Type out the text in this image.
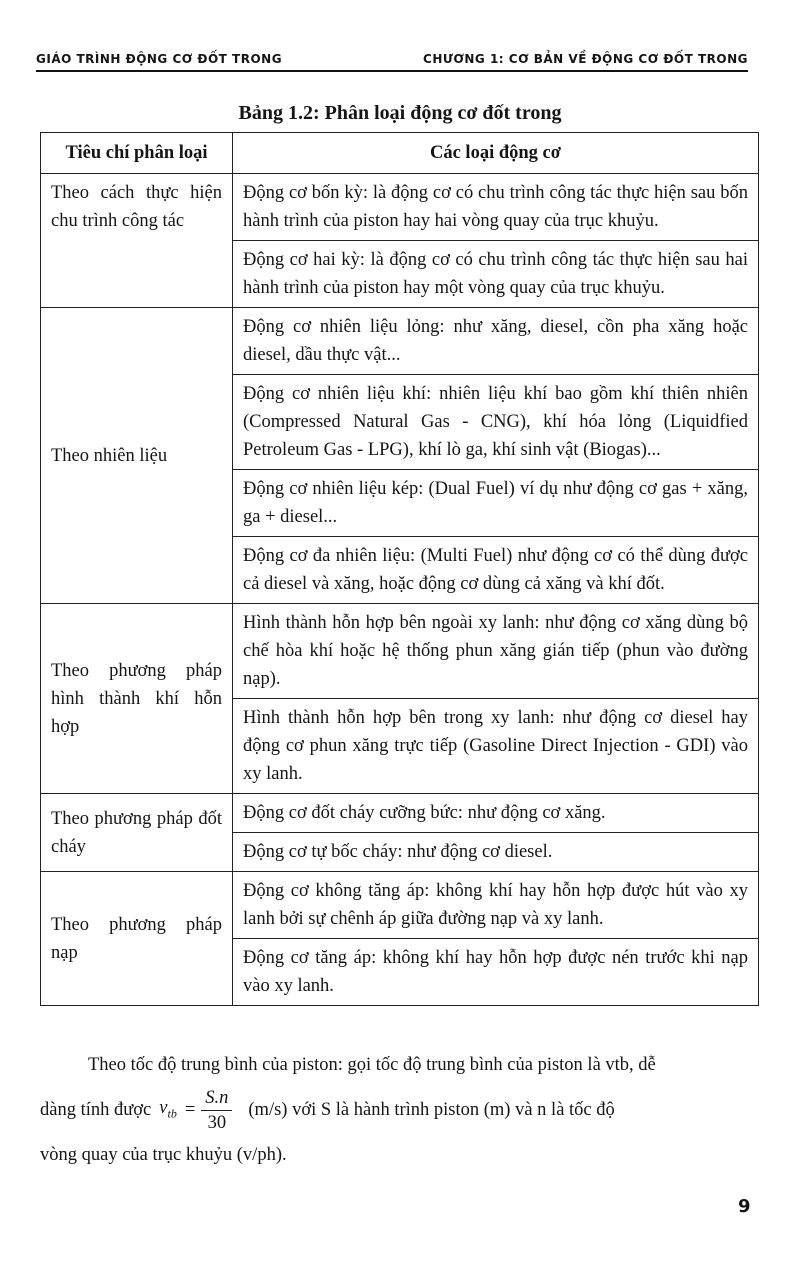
GIÁO TRÌNH ĐỘNG CƠ ĐỐT TRONG	CHƯƠNG 1: CƠ BẢN VỀ ĐỘNG CƠ ĐỐT TRONG
Bảng 1.2: Phân loại động cơ đốt trong
Tiêu chí phân loại	Các loại động cơ
Theo cách thực hiện chu trình công tác	Động cơ bốn kỳ: là động cơ có chu trình công tác thực hiện sau bốn hành trình của piston hay hai vòng quay của trục khuỷu.
	Động cơ hai kỳ: là động cơ có chu trình công tác thực hiện sau hai hành trình của piston hay một vòng quay của trục khuỷu.
Theo nhiên liệu	Động cơ nhiên liệu lỏng: như xăng, diesel, cồn pha xăng hoặc diesel, dầu thực vật...
	Động cơ nhiên liệu khí: nhiên liệu khí bao gồm khí thiên nhiên (Compressed Natural Gas - CNG), khí hóa lỏng (Liquidfied Petroleum Gas - LPG), khí lò ga, khí sinh vật (Biogas)...
	Động cơ nhiên liệu kép: (Dual Fuel) ví dụ như động cơ gas + xăng, ga + diesel...
	Động cơ đa nhiên liệu: (Multi Fuel) như động cơ có thể dùng được cả diesel và xăng, hoặc động cơ dùng cả xăng và khí đốt.
Theo phương pháp hình thành khí hỗn hợp	Hình thành hỗn hợp bên ngoài xy lanh: như động cơ xăng dùng bộ chế hòa khí hoặc hệ thống phun xăng gián tiếp (phun vào đường nạp).
	Hình thành hỗn hợp bên trong xy lanh: như động cơ diesel hay động cơ phun xăng trực tiếp (Gasoline Direct Injection - GDI) vào xy lanh.
Theo phương pháp đốt cháy	Động cơ đốt cháy cưỡng bức: như động cơ xăng.
	Động cơ tự bốc cháy: như động cơ diesel.
Theo phương pháp nạp	Động cơ không tăng áp: không khí hay hỗn hợp được hút vào xy lanh bởi sự chênh áp giữa đường nạp và xy lanh.
	Động cơ tăng áp: không khí hay hỗn hợp được nén trước khi nạp vào xy lanh.
Theo tốc độ trung bình của piston: gọi tốc độ trung bình của piston là vtb, dễ
dàng tính được $v_{tb} = \frac{S.n}{30} (m/s)$ với S là hành trình piston (m) và n là tốc độ
vòng quay của trục khuỷu (v/ph).
9
